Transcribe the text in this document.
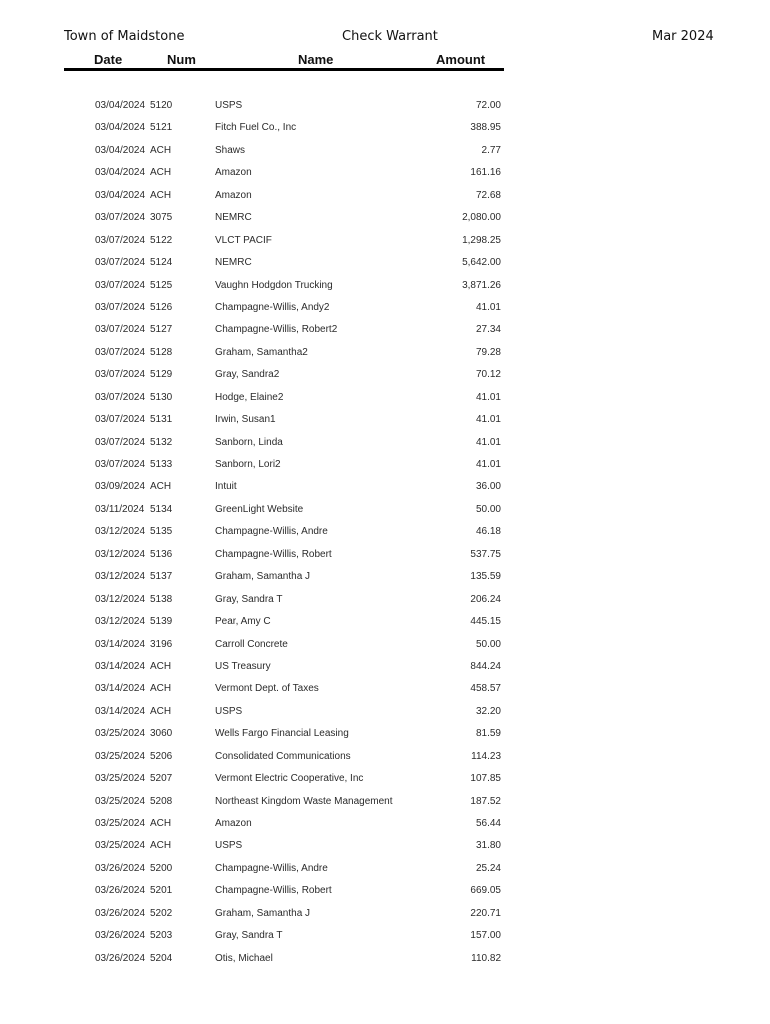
Town of Maidstone	Check Warrant	Mar 2024
Date	Num	Name	Amount
03/04/2024 5120	USPS	72.00
03/04/2024 5121	Fitch Fuel Co., Inc	388.95
03/04/2024 ACH	Shaws	2.77
03/04/2024 ACH	Amazon	161.16
03/04/2024 ACH	Amazon	72.68
03/07/2024 3075	NEMRC	2,080.00
03/07/2024 5122	VLCT PACIF	1,298.25
03/07/2024 5124	NEMRC	5,642.00
03/07/2024 5125	Vaughn Hodgdon Trucking	3,871.26
03/07/2024 5126	Champagne-Willis, Andy2	41.01
03/07/2024 5127	Champagne-Willis, Robert2	27.34
03/07/2024 5128	Graham, Samantha2	79.28
03/07/2024 5129	Gray, Sandra2	70.12
03/07/2024 5130	Hodge, Elaine2	41.01
03/07/2024 5131	Irwin, Susan1	41.01
03/07/2024 5132	Sanborn, Linda	41.01
03/07/2024 5133	Sanborn, Lori2	41.01
03/09/2024 ACH	Intuit	36.00
03/11/2024 5134	GreenLight Website	50.00
03/12/2024 5135	Champagne-Willis, Andre	46.18
03/12/2024 5136	Champagne-Willis, Robert	537.75
03/12/2024 5137	Graham, Samantha J	135.59
03/12/2024 5138	Gray, Sandra T	206.24
03/12/2024 5139	Pear, Amy C	445.15
03/14/2024 3196	Carroll Concrete	50.00
03/14/2024 ACH	US Treasury	844.24
03/14/2024 ACH	Vermont Dept. of Taxes	458.57
03/14/2024 ACH	USPS	32.20
03/25/2024 3060	Wells Fargo Financial Leasing	81.59
03/25/2024 5206	Consolidated Communications	114.23
03/25/2024 5207	Vermont Electric Cooperative, Inc	107.85
03/25/2024 5208	Northeast Kingdom Waste Management	187.52
03/25/2024 ACH	Amazon	56.44
03/25/2024 ACH	USPS	31.80
03/26/2024 5200	Champagne-Willis, Andre	25.24
03/26/2024 5201	Champagne-Willis, Robert	669.05
03/26/2024 5202	Graham, Samantha J	220.71
03/26/2024 5203	Gray, Sandra T	157.00
03/26/2024 5204	Otis, Michael	110.82
